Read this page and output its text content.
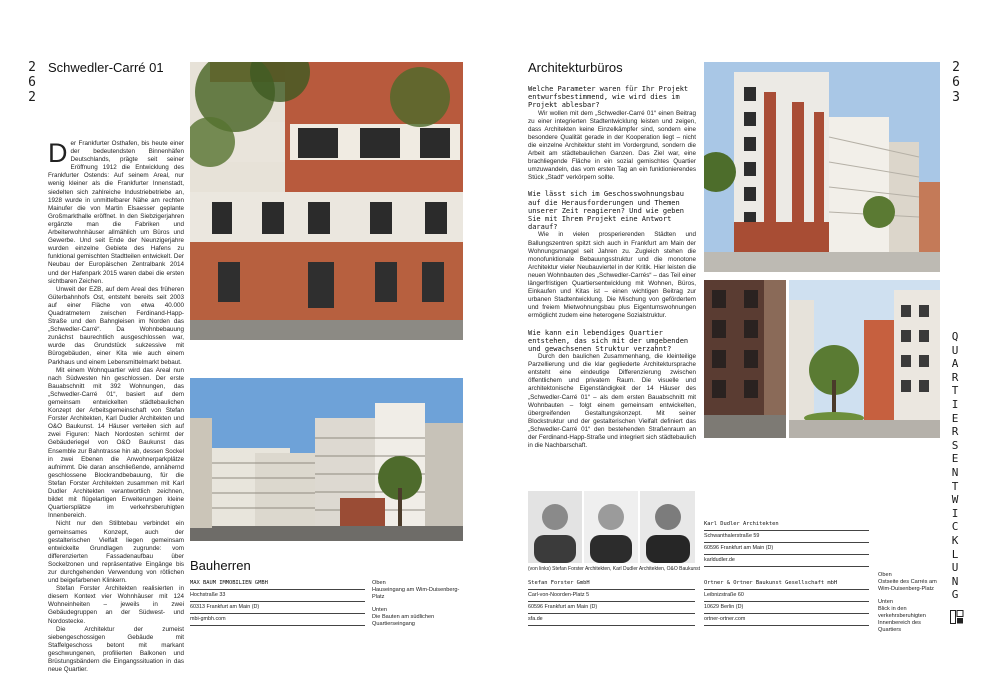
2
6
2
Schwedler-Carré 01
Der Frankfurter Osthafen, bis heute einer der bedeutendsten Binnenhäfen Deutschlands, prägte seit seiner Eröffnung 1912 die Entwicklung des Frankfurter Ostends: Auf seinem Areal, nur wenig kleiner als die Frankfurter Innenstadt, siedelten sich zahlreiche Industriebetriebe an, 1928 wurde in unmittelbarer Nähe am rechten Mainufer die von Martin Elsaesser geplante Großmarkthalle eröffnet. In den Siebzigerjahren ergänzte man die Fabriken und Arbeiterwohnhäuser allmählich um Büros und Gewerbe. Und seit Ende der Neunzigerjahre wurden einzelne Gebiete des Hafens zu funktional gemischten Stadtteilen entwickelt. Der Neubau der Europäischen Zentralbank 2014 und der Hafenpark 2015 waren dabei die ersten sichtbaren Zeichen.
Unweit der EZB, auf dem Areal des früheren Güterbahnhofs Ost, entsteht bereits seit 2003 auf einer Fläche von etwa 40.000 Quadratmetern zwischen Ferdinand-Happ-Straße und den Bahngleisen im Norden das „Schwedler-Carré“. Da Wohnbebauung zunächst baurechtlich ausgeschlossen war, wurde das Grundstück sukzessive mit Bürogebäuden, einer Kita wie auch einem Parkhaus und einem Lebensmittelmarkt bebaut.
Mit einem Wohnquartier wird das Areal nun nach Südwesten hin geschlossen. Der erste Bauabschnitt mit 392 Wohnungen, das „Schwedler-Carré 01“, basiert auf dem gemeinsam entwickelten städtebaulichen Konzept der Arbeitsgemeinschaft von Stefan Forster Architekten, Karl Dudler Architekten und O&O Baukunst. 14 Häuser verteilen sich auf zwei Figuren: Nach Nordosten schirmt der Gebäuderiegel von O&O Baukunst das Ensemble zur Bahntrasse hin ab, dessen Sockel in zwei Ebenen die Anwohnerparkplätze aufnimmt. Die daran anschließende, annähernd geschlossene Blockrandbebauung, für die Stefan Forster Architekten zusammen mit Karl Dudler Architekten verantwortlich zeichnen, bildet mit flügelartigen Erweiterungen kleine Quartiersplätze im verkehrsberuhigten Innenbereich.
Nicht nur den Stilbtebau verbindet ein gemeinsames Konzept, auch der gestalterischen Vielfalt liegen gemeinsam entwickelte Grundlagen zugrunde: vom differenzierten Fassadenaufbau über Sockelzonen und repräsentative Eingänge bis zur durchgehenden Verwendung von rötlichen und beigefarbenen Klinkern.
Stefan Forster Architekten realisierten in diesem Kontext vier Wohnhäuser mit 124 Wohneinheiten – jeweils in zwei Gebäudegruppen an der Südwest- und Nordostecke.
Die Architektur der zumeist siebengeschossigen Gebäude mit Staffelgeschoss betont mit markant geschwungenen, profilierten Balkonen und Brüstungsbändern die Eingangssituation in das neue Quartier.
Bauherren
MAX BAUM IMMOBILIEN GMBH
Hochstraße 33
60313 Frankfurt am Main (D)
mbi-gmbh.com
Oben
Hauseingang am Wim-Duisenberg-Platz
Unten
Die Bauten am südlichen Quartierseingang
Architekturbüros
Welche Parameter waren für Ihr Projekt entwurfsbestimmend, wie wird dies im Projekt ablesbar?
Wir wollen mit dem „Schwedler-Carré 01“ einen Beitrag zu einer integrierten Stadtentwicklung leisten und zeigen, dass Architekten keine Einzelkämpfer sind, sondern eine besondere Qualität gerade in der Kooperation liegt – nicht die einzelne Architektur steht im Vordergrund, sondern die Arbeit am städtebaulichen Ganzen. Das Ziel war, eine brachliegende Fläche in ein sozial gemischtes Quartier umzuwandeln, das vom ersten Tag an ein funktionierendes Stück „Stadt“ verkörpern sollte.
Wie lässt sich im Geschosswohnungsbau auf die Herausforderungen und Themen unserer Zeit reagieren? Und wie geben Sie mit Ihrem Projekt eine Antwort darauf?
Wie in vielen prosperierenden Städten und Ballungszentren spitzt sich auch in Frankfurt am Main der Wohnungsmangel seit Jahren zu. Zugleich stehen die monofunktionale Bebauungsstruktur und die monotone Architektur vieler Neubauviertel in der Kritik. Hier leisten die neuen Wohnbauten des „Schwedler-Carrés“ – das Teil einer längerfristigen Quartiersentwicklung mit Wohnen, Büros, Einkaufen und Kitas ist – einen wichtigen Beitrag zur urbanen Stadtentwicklung. Die Mischung von gefördertem und freiem Mietwohnungsbau plus Eigentumswohnungen ermöglicht zudem eine heterogene Sozialstruktur.
Wie kann ein lebendiges Quartier entstehen, das sich mit der umgebenden und gewachsenen Struktur verzahnt?
Durch den baulichen Zusammenhang, die kleinteilige Parzellierung und die klar gegliederte Architektursprache entsteht eine eindeutige Differenzierung zwischen öffentlichem und privatem Raum. Die visuelle und architektonische Eigenständigkeit der 14 Häuser des „Schwedler-Carré 01“ – als dem ersten Bauabschnitt mit Wohnbauten – folgt einem gemeinsam entwickelten, übergreifenden Gestaltungskonzept. Mit seiner Blockstruktur und der gestalterischen Vielfalt definiert das „Schwedler-Carré 01“ den bestehenden Straßenraum an der Ferdinand-Happ-Straße und integriert sich städtebaulich in die Nachbarschaft.
(von links) Stefan Forster Architekten, Karl Dudler Architekten, O&O Baukunst
Karl Dudler Architekten
Schwanthalerstraße 59
60596 Frankfurt am Main (D)
karldudler.de
Stefan Forster GmbH
Carl-von-Noorden-Platz 5
60596 Frankfurt am Main (D)
sfa.de
Ortner & Ortner Baukunst Gesellschaft mbH
Leibnizstraße 60
10629 Berlin (D)
ortner-ortner.com
Oben
Ostseite des Carrés am Wim-Duisenberg-Platz
Unten
Blick in den verkehrsberuhigten Innenbereich des Quartiers
2
6
3
Q
U
A
R
T
I
E
R
S
E
N
T
W
I
C
K
L
U
N
G
